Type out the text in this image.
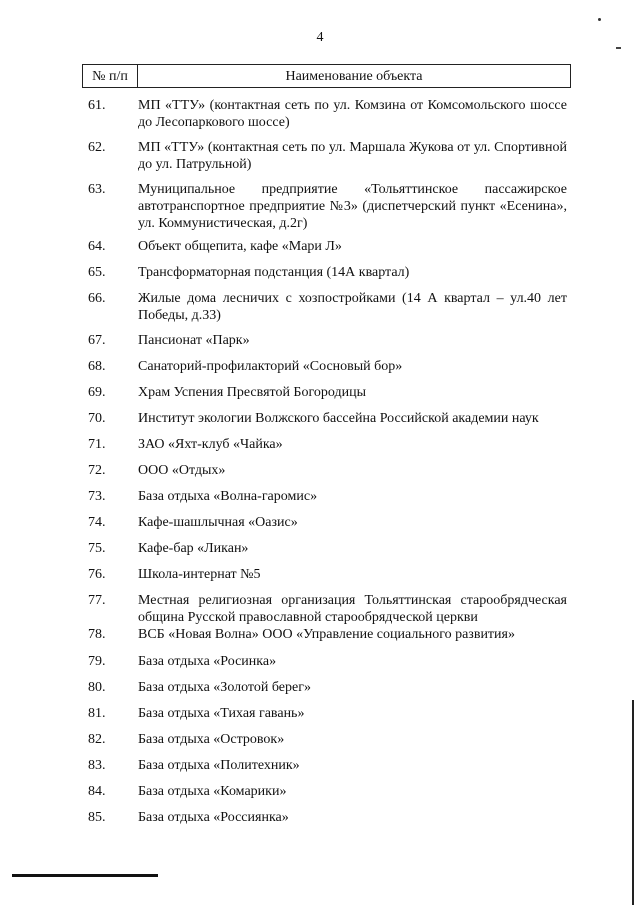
4
№ п/п	Наименование объекта
61.	МП «ТТУ» (контактная сеть по ул. Комзина от Комсомольского шоссе до Лесопаркового шоссе)
62.	МП «ТТУ» (контактная сеть по ул. Маршала Жукова от ул. Спортивной до ул. Патрульной)
63.	Муниципальное предприятие «Тольяттинское пассажирское автотранспортное предприятие №3» (диспетчерский пункт «Есенина», ул. Коммунистическая, д.2г)
64.	Объект общепита, кафе «Мари Л»
65.	Трансформаторная подстанция (14А квартал)
66.	Жилые дома лесничих с хозпостройками (14 А квартал – ул.40 лет Победы, д.33)
67.	Пансионат «Парк»
68.	Санаторий-профилакторий «Сосновый бор»
69.	Храм Успения Пресвятой Богородицы
70.	Институт экологии Волжского бассейна Российской академии наук
71.	ЗАО «Яхт-клуб «Чайка»
72.	ООО «Отдых»
73.	База отдыха «Волна-гаромис»
74.	Кафе-шашлычная «Оазис»
75.	Кафе-бар «Ликан»
76.	Школа-интернат №5
77.	Местная религиозная организация Тольяттинская старообрядческая община Русской православной старообрядческой церкви
78.	ВСБ «Новая Волна» ООО «Управление социального развития»
79.	База отдыха «Росинка»
80.	База отдыха «Золотой берег»
81.	База отдыха «Тихая гавань»
82.	База отдыха «Островок»
83.	База отдыха «Политехник»
84.	База отдыха «Комарики»
85.	База отдыха «Россиянка»
